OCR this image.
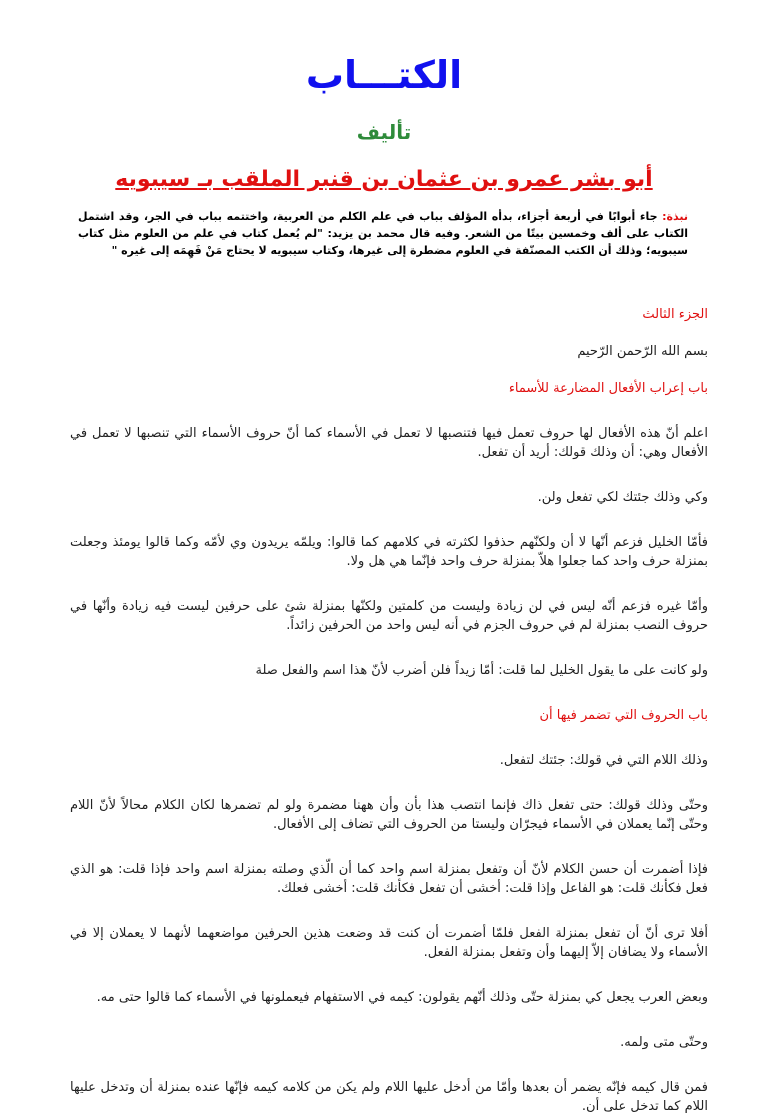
الكتـــاب
تأليف
أبو بشر عمرو بن عثمان بن قنبر الملقب بـ سيبويه

نبذة: جاء أبوابًا في أربعة أجزاء، بدأه المؤلف بباب في علم الكلم من العربية، واختتمه بباب في الجر، وقد اشتمل الكتاب على ألف وخمسين بيتًا من الشعر. وفيه قال محمد بن يزيد: "لم يُعمل كتاب في علم من العلوم مثل كتاب سيبويه؛ وذلك أن الكتب المصنّفة في العلوم مضطرة إلى غيرها، وكتاب سيبويه لا يحتاج مَنْ فَهِمَه إلى غيره "

الجزء الثالث

بسم الله الرّحمن الرّحيم

باب إعراب الأفعال المضارعة للأسماء

اعلم أنّ هذه الأفعال لها حروف تعمل فيها فتنصبها لا تعمل في الأسماء كما أنّ حروف الأسماء التي تنصبها لا تعمل في الأفعال وهي: أن وذلك قولك: أريد أن تفعل.

وكي وذلك جئتك لكي تفعل ولن.

فأمّا الخليل فزعم أنّها لا أن ولكنّهم حذفوا لكثرته في كلامهم كما قالوا: ويلمّه يريدون وي لأمّه وكما قالوا يومئذ وجعلت بمنزلة حرف واحد كما جعلوا هلاّ بمنزلة حرف واحد فإنّما هي هل ولا.

وأمّا غيره فزعم أنّه ليس في لن زيادة وليست من كلمتين ولكنّها بمنزلة شئ على حرفين ليست فيه زيادة وأنّها في حروف النصب بمنزلة لم في حروف الجزم في أنه ليس واحد من الحرفين زائداً.

ولو كانت على ما يقول الخليل لما قلت: أمّا زيداً فلن أضرب لأنّ هذا اسم والفعل صلة

باب الحروف التي تضمر فيها أن

وذلك اللام التي في قولك: جئتك لتفعل.

وحتّى وذلك قولك: حتى تفعل ذاك فإنما انتصب هذا بأن وأن ههنا مضمرة ولو لم تضمرها لكان الكلام محالاً لأنّ اللام وحتّى إنّما يعملان في الأسماء فيجرّان وليستا من الحروف التي تضاف إلى الأفعال.

فإذا أضمرت أن حسن الكلام لأنّ أن وتفعل بمنزلة اسم واحد كما أن الّذي وصلته بمنزلة اسم واحد فإذا قلت: هو الذي فعل فكأنك قلت: هو الفاعل وإذا قلت: أخشى أن تفعل فكأنك قلت: أخشى فعلك.

أفلا ترى أنّ أن تفعل بمنزلة الفعل فلمّا أضمرت أن كنت قد وضعت هذين الحرفين مواضعهما لأنهما لا يعملان إلا في الأسماء ولا يضافان إلاّ إليهما وأن وتفعل بمنزلة الفعل.

وبعض العرب يجعل كي بمنزلة حتّى وذلك أنّهم يقولون: كيمه في الاستفهام فيعملونها في الأسماء كما قالوا حتى مه.

وحتّى متى ولمه.

فمن قال كيمه فإنّه يضمر أن بعدها وأمّا من أدخل عليها اللام ولم يكن من كلامه كيمه فإنّها عنده بمنزلة أن وتدخل عليها اللام كما تدخل على أن.
